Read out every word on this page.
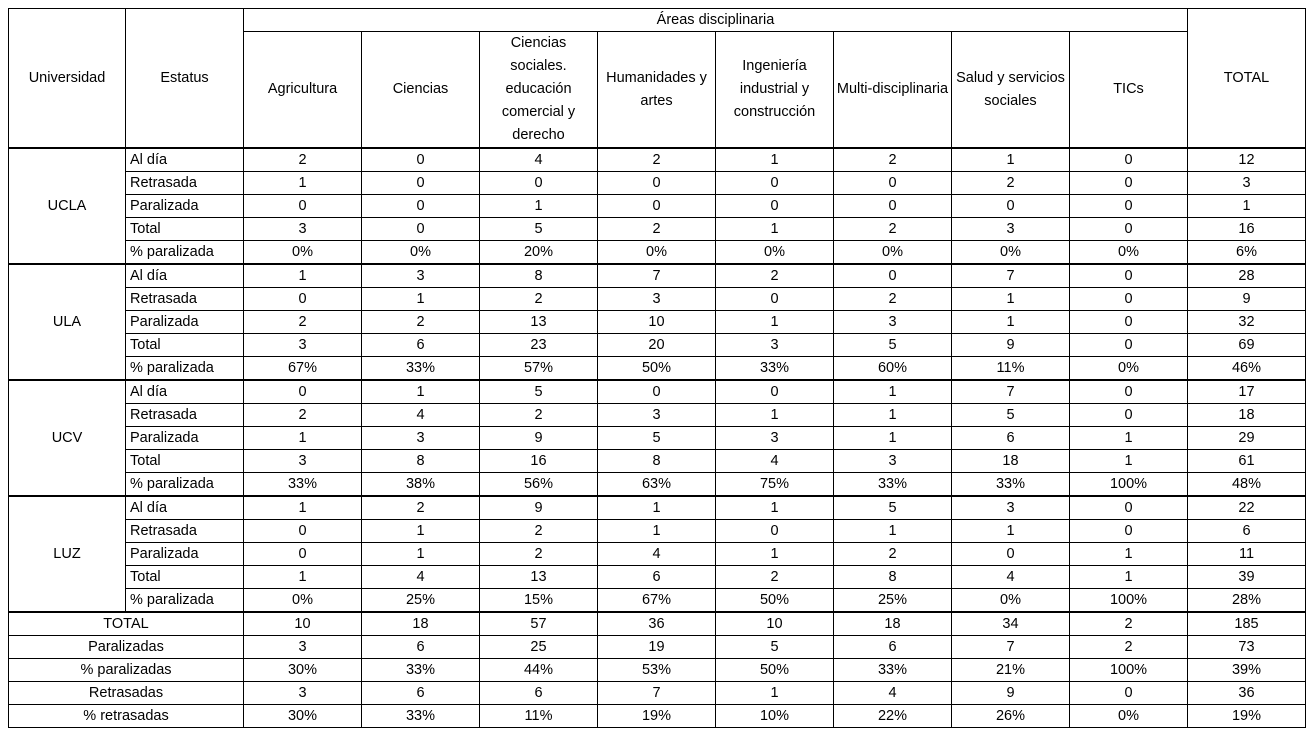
Universidad	Estatus	Áreas disciplinaria								TOTAL
		Agricultura	Ciencias	Ciencias sociales. educación comercial y derecho	Humanidades y artes	Ingeniería industrial y construcción	Multi-disciplinaria	Salud y servicios sociales	TICs	
UCLA	Al día	2	0	4	2	1	2	1	0	12
	Retrasada	1	0	0	0	0	0	2	0	3
	Paralizada	0	0	1	0	0	0	0	0	1
	Total	3	0	5	2	1	2	3	0	16
	% paralizada	0%	0%	20%	0%	0%	0%	0%	0%	6%
ULA	Al día	1	3	8	7	2	0	7	0	28
	Retrasada	0	1	2	3	0	2	1	0	9
	Paralizada	2	2	13	10	1	3	1	0	32
	Total	3	6	23	20	3	5	9	0	69
	% paralizada	67%	33%	57%	50%	33%	60%	11%	0%	46%
UCV	Al día	0	1	5	0	0	1	7	0	17
	Retrasada	2	4	2	3	1	1	5	0	18
	Paralizada	1	3	9	5	3	1	6	1	29
	Total	3	8	16	8	4	3	18	1	61
	% paralizada	33%	38%	56%	63%	75%	33%	33%	100%	48%
LUZ	Al día	1	2	9	1	1	5	3	0	22
	Retrasada	0	1	2	1	0	1	1	0	6
	Paralizada	0	1	2	4	1	2	0	1	11
	Total	1	4	13	6	2	8	4	1	39
	% paralizada	0%	25%	15%	67%	50%	25%	0%	100%	28%
TOTAL		10	18	57	36	10	18	34	2	185
Paralizadas		3	6	25	19	5	6	7	2	73
% paralizadas		30%	33%	44%	53%	50%	33%	21%	100%	39%
Retrasadas		3	6	6	7	1	4	9	0	36
% retrasadas		30%	33%	11%	19%	10%	22%	26%	0%	19%
